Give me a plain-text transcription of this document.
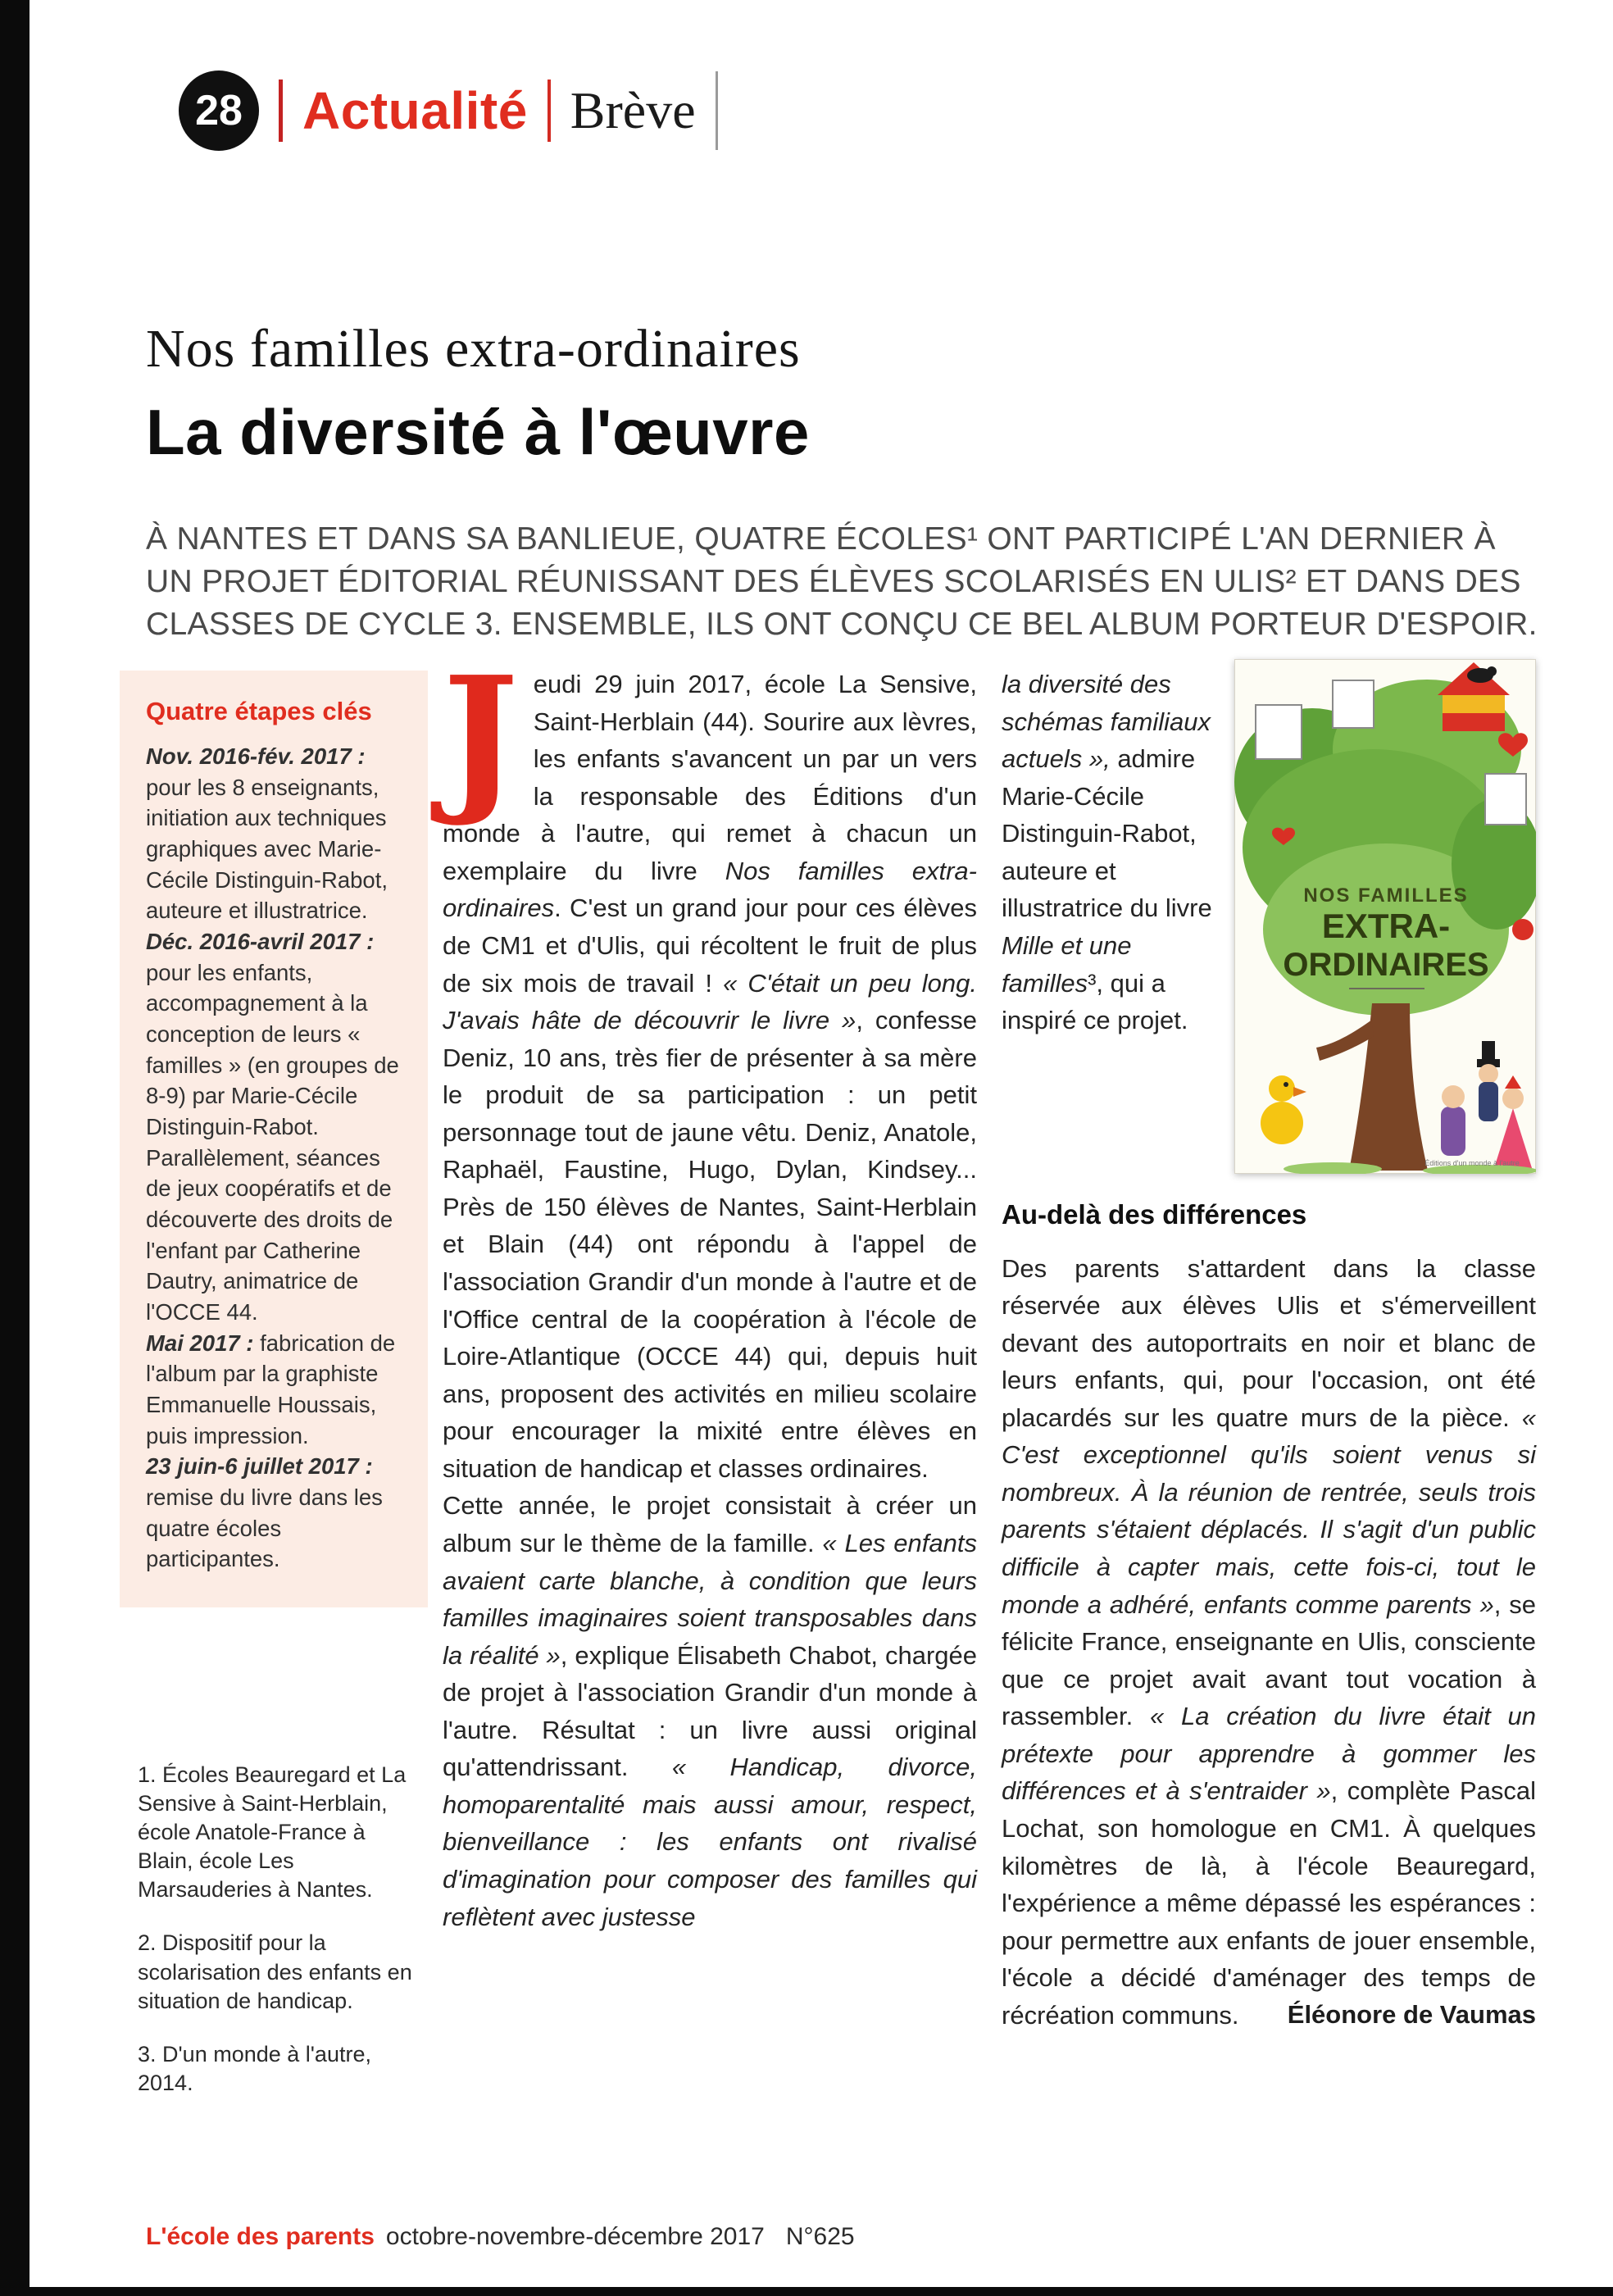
28 Actualité Brève
Nos familles extra-ordinaires
La diversité à l'œuvre
À NANTES ET DANS SA BANLIEUE, QUATRE ÉCOLES¹ ONT PARTICIPÉ L'AN DERNIER À UN PROJET ÉDITORIAL RÉUNISSANT DES ÉLÈVES SCOLARISÉS EN ULIS² ET DANS DES CLASSES DE CYCLE 3. ENSEMBLE, ILS ONT CONÇU CE BEL ALBUM PORTEUR D'ESPOIR.
Quatre étapes clés

Nov. 2016-fév. 2017 : pour les 8 enseignants, initiation aux techniques graphiques avec Marie-Cécile Distinguin-Rabot, auteure et illustratrice.

Déc. 2016-avril 2017 : pour les enfants, accompagnement à la conception de leurs « familles » (en groupes de 8-9) par Marie-Cécile Distinguin-Rabot. Parallèlement, séances de jeux coopératifs et de découverte des droits de l'enfant par Catherine Dautry, animatrice de l'OCCE 44.

Mai 2017 : fabrication de l'album par la graphiste Emmanuelle Houssais, puis impression.

23 juin-6 juillet 2017 : remise du livre dans les quatre écoles participantes.

1. Écoles Beauregard et La Sensive à Saint-Herblain, école Anatole-France à Blain, école Les Marsauderies à Nantes.

2. Dispositif pour la scolarisation des enfants en situation de handicap.

3. D'un monde à l'autre, 2014.

Jeudi 29 juin 2017, école La Sensive, Saint-Herblain (44). Sourire aux lèvres, les enfants s'avancent un par un vers la responsable des Éditions d'un monde à l'autre, qui remet à chacun un exemplaire du livre Nos familles extra-ordinaires. C'est un grand jour pour ces élèves de CM1 et d'Ulis, qui récoltent le fruit de plus de six mois de travail ! « C'était un peu long. J'avais hâte de découvrir le livre », confesse Deniz, 10 ans, très fier de présenter à sa mère le produit de sa participation : un petit personnage tout de jaune vêtu. Deniz, Anatole, Raphaël, Faustine, Hugo, Dylan, Kindsey... Près de 150 élèves de Nantes, Saint-Herblain et Blain (44) ont répondu à l'appel de l'association Grandir d'un monde à l'autre et de l'Office central de la coopération à l'école de Loire-Atlantique (OCCE 44) qui, depuis huit ans, proposent des activités en milieu scolaire pour encourager la mixité entre élèves en situation de handicap et classes ordinaires.

Cette année, le projet consistait à créer un album sur le thème de la famille. « Les enfants avaient carte blanche, à condition que leurs familles imaginaires soient transposables dans la réalité », explique Élisabeth Chabot, chargée de projet à l'association Grandir d'un monde à l'autre. Résultat : un livre aussi original qu'attendrissant. « Handicap, divorce, homoparentalité mais aussi amour, respect, bienveillance : les enfants ont rivalisé d'imagination pour composer des familles qui reflètent avec justesse

NOS FAMILLES
EXTRA-
ORDINAIRES
Éditions d'un monde à l'autre

la diversité des schémas familiaux actuels », admire Marie-Cécile Distinguin-Rabot, auteure et illustratrice du livre Mille et une familles³, qui a inspiré ce projet.

Au-delà des différences

Des parents s'attardent dans la classe réservée aux élèves Ulis et s'émerveillent devant des autoportraits en noir et blanc de leurs enfants, qui, pour l'occasion, ont été placardés sur les quatre murs de la pièce. « C'est exceptionnel qu'ils soient venus si nombreux. À la réunion de rentrée, seuls trois parents s'étaient déplacés. Il s'agit d'un public difficile à capter mais, cette fois-ci, tout le monde a adhéré, enfants comme parents », se félicite France, enseignante en Ulis, consciente que ce projet avait avant tout vocation à rassembler. « La création du livre était un prétexte pour apprendre à gommer les différences et à s'entraider », complète Pascal Lochat, son homologue en CM1. À quelques kilomètres de là, à l'école Beauregard, l'expérience a même dépassé les espérances : pour permettre aux enfants de jouer ensemble, l'école a décidé d'aménager des temps de récréation communs.	Éléonore de Vaumas
L'école des parents octobre-novembre-décembre 2017 N°625
